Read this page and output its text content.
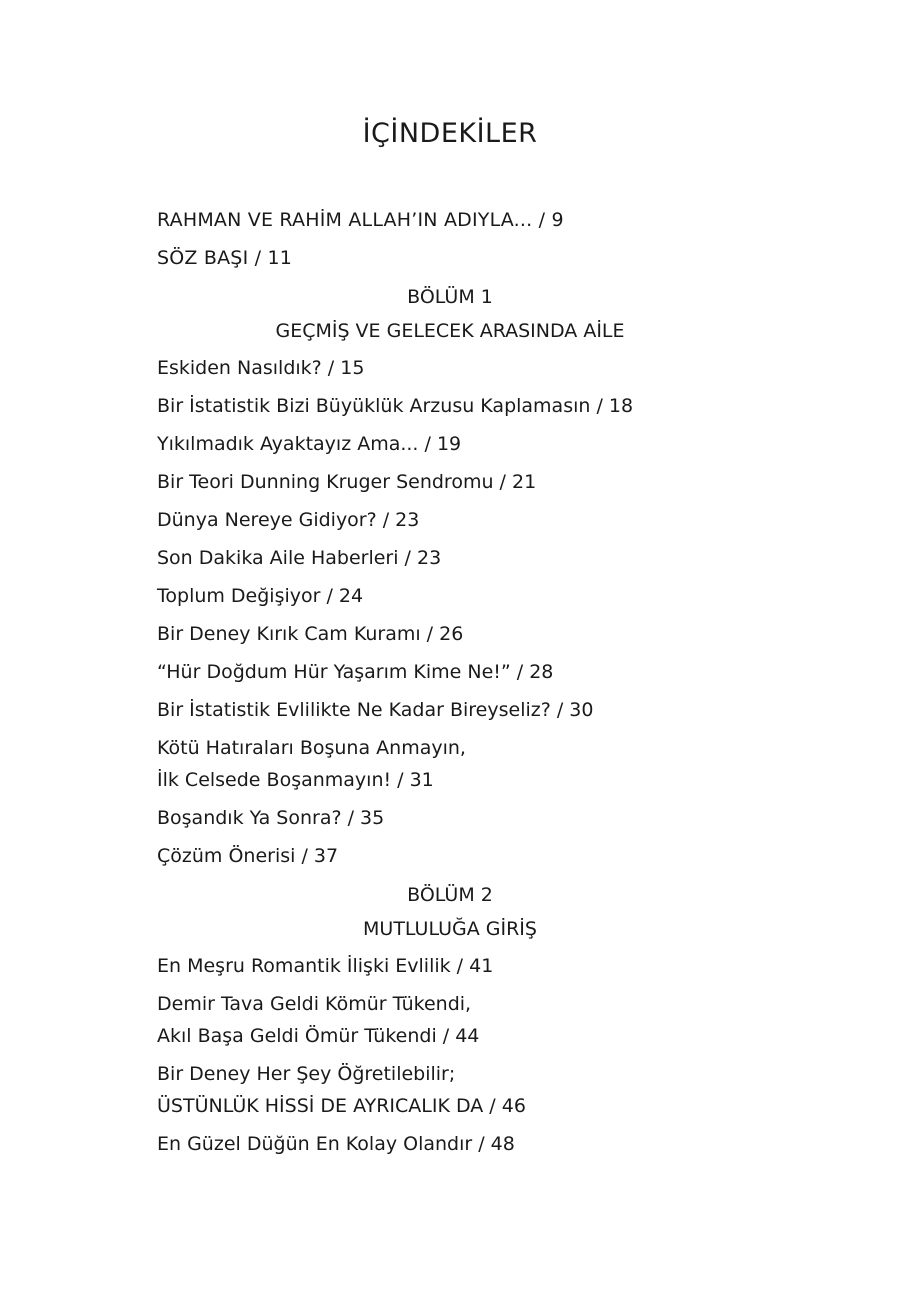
İÇİNDEKİLER
RAHMAN VE RAHİM ALLAH’IN ADIYLA... / 9
SÖZ BAŞI / 11
BÖLÜM 1
GEÇMİŞ VE GELECEK ARASINDA AİLE
Eskiden Nasıldık? / 15
Bir İstatistik Bizi Büyüklük Arzusu Kaplamasın / 18
Yıkılmadık Ayaktayız Ama... / 19
Bir Teori Dunning Kruger Sendromu / 21
Dünya Nereye Gidiyor? / 23
Son Dakika Aile Haberleri / 23
Toplum Değişiyor / 24
Bir Deney Kırık Cam Kuramı / 26
“Hür Doğdum Hür Yaşarım Kime Ne!” / 28
Bir İstatistik Evlilikte Ne Kadar Bireyseliz? / 30
Kötü Hatıraları Boşuna Anmayın,
İlk Celsede Boşanmayın! / 31
Boşandık Ya Sonra? / 35
Çözüm Önerisi / 37
BÖLÜM 2
MUTLULUĞA GİRİŞ
En Meşru Romantik İlişki Evlilik / 41
Demir Tava Geldi Kömür Tükendi,
Akıl Başa Geldi Ömür Tükendi / 44
Bir Deney Her Şey Öğretilebilir;
ÜSTÜNLÜK HİSSİ DE AYRICALIK DA / 46
En Güzel Düğün En Kolay Olandır / 48
